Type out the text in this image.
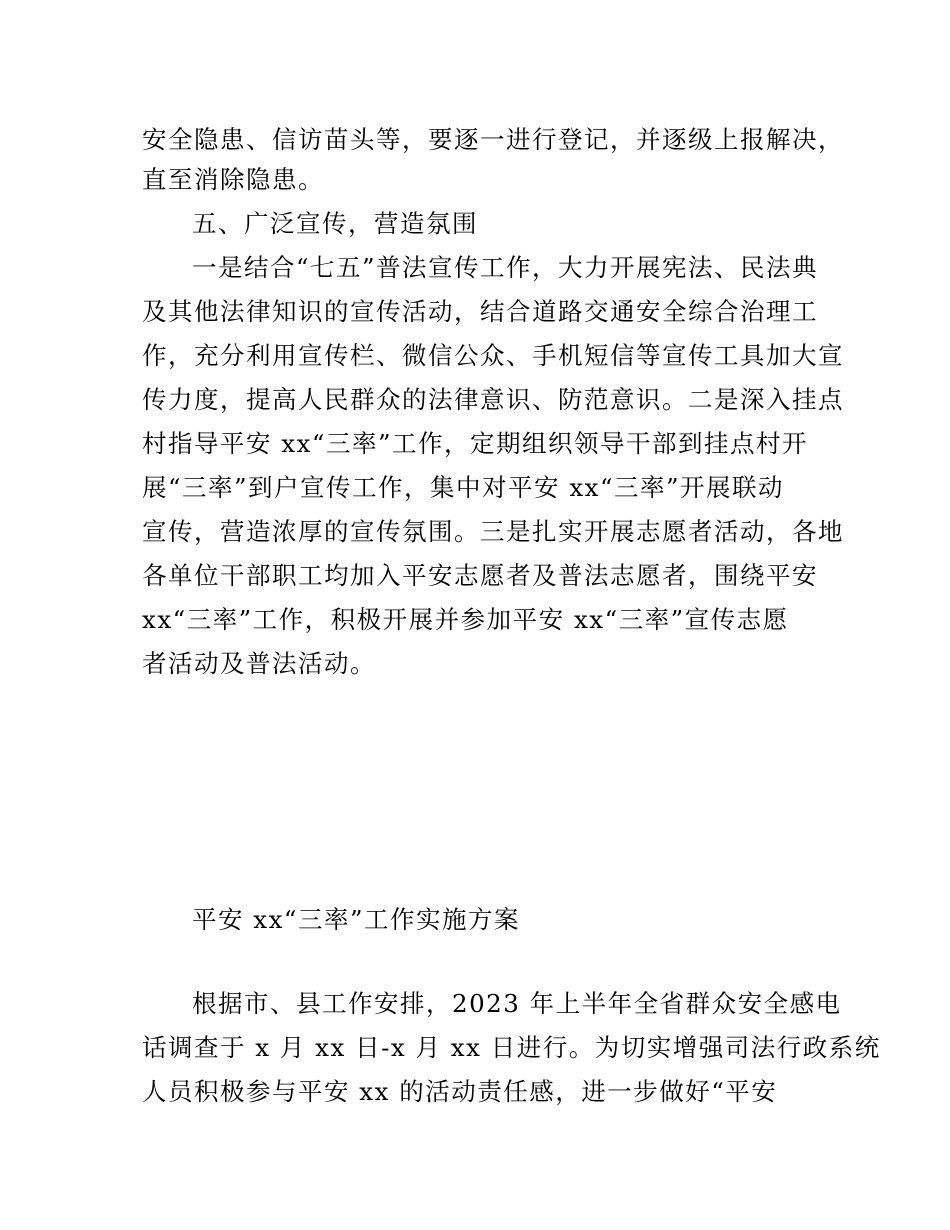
安全隐患、信访苗头等，要逐一进行登记，并逐级上报解决，
直至消除隐患。
五、广泛宣传，营造氛围
一是结合“七五”普法宣传工作，大力开展宪法、民法典
及其他法律知识的宣传活动，结合道路交通安全综合治理工
作，充分利用宣传栏、微信公众、手机短信等宣传工具加大宣
传力度，提高人民群众的法律意识、防范意识。二是深入挂点
村指导平安 xx“三率”工作，定期组织领导干部到挂点村开
展“三率”到户宣传工作，集中对平安 xx“三率”开展联动
宣传，营造浓厚的宣传氛围。三是扎实开展志愿者活动，各地
各单位干部职工均加入平安志愿者及普法志愿者，围绕平安
xx“三率”工作，积极开展并参加平安 xx“三率”宣传志愿
者活动及普法活动。
平安 xx“三率”工作实施方案
根据市、县工作安排，2023 年上半年全省群众安全感电
话调查于 x 月 xx 日-x 月 xx 日进行。为切实增强司法行政系统
人员积极参与平安 xx 的活动责任感，进一步做好“平安
